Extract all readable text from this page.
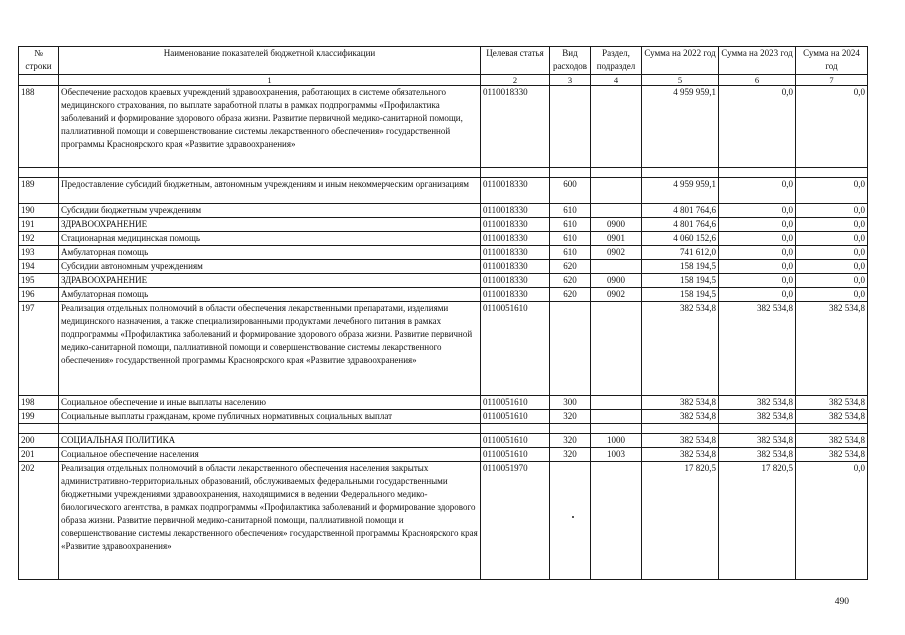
№ строки	Наименование показателей бюджетной классификации	Целевая статья	Вид расходов	Раздел, подраздел	Сумма на 2022 год	Сумма на 2023 год	Сумма на 2024 год
	1	2	3	4	5	6	7
188	Обеспечение расходов краевых учреждений здравоохранения, работающих в системе обязательного медицинского страхования, по выплате заработной платы в рамках подпрограммы «Профилактика заболеваний и формирование здорового образа жизни. Развитие первичной медико-санитарной помощи, паллиативной помощи и совершенствование системы лекарственного обеспечения» государственной программы Красноярского края «Развитие здравоохранения»	0110018330			4 959 959,1	0,0	0,0

189	Предоставление субсидий бюджетным, автономным учреждениям и иным некоммерческим организациям	0110018330	600		4 959 959,1	0,0	0,0
190	Субсидии бюджетным учреждениям	0110018330	610		4 801 764,6	0,0	0,0
191	ЗДРАВООХРАНЕНИЕ	0110018330	610	0900	4 801 764,6	0,0	0,0
192	Стационарная медицинская помощь	0110018330	610	0901	4 060 152,6	0,0	0,0
193	Амбулаторная помощь	0110018330	610	0902	741 612,0	0,0	0,0
194	Субсидии автономным учреждениям	0110018330	620		158 194,5	0,0	0,0
195	ЗДРАВООХРАНЕНИЕ	0110018330	620	0900	158 194,5	0,0	0,0
196	Амбулаторная помощь	0110018330	620	0902	158 194,5	0,0	0,0
197	Реализация отдельных полномочий в области обеспечения лекарственными препаратами, изделиями медицинского назначения, а также специализированными продуктами лечебного питания в рамках подпрограммы «Профилактика заболеваний и формирование здорового образа жизни. Развитие первичной медико-санитарной помощи, паллиативной помощи и совершенствование системы лекарственного обеспечения» государственной программы Красноярского края «Развитие здравоохранения»	0110051610			382 534,8	382 534,8	382 534,8
198	Социальное обеспечение и иные выплаты населению	0110051610	300		382 534,8	382 534,8	382 534,8
199	Социальные выплаты гражданам, кроме публичных нормативных социальных выплат	0110051610	320		382 534,8	382 534,8	382 534,8

200	СОЦИАЛЬНАЯ ПОЛИТИКА	0110051610	320	1000	382 534,8	382 534,8	382 534,8
201	Социальное обеспечение населения	0110051610	320	1003	382 534,8	382 534,8	382 534,8
202	Реализация отдельных полномочий в области лекарственного обеспечения населения закрытых административно-территориальных образований, обслуживаемых федеральными государственными бюджетными учреждениями здравоохранения, находящимися в ведении Федерального медико-биологического агентства, в рамках подпрограммы «Профилактика заболеваний и формирование здорового образа жизни. Развитие первичной медико-санитарной помощи, паллиативной помощи и совершенствование системы лекарственного обеспечения» государственной программы Красноярского края «Развитие здравоохранения»	0110051970			17 820,5	17 820,5	0,0
490
